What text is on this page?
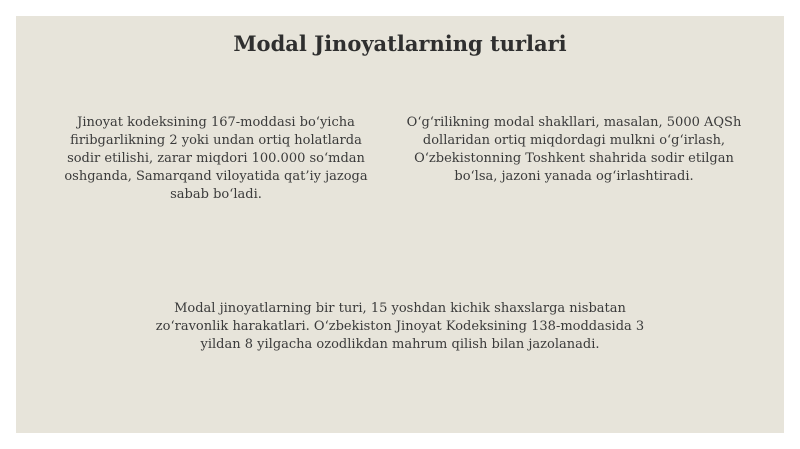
Modal Jinoyatlarning turlari

Jinoyat kodeksining 167-moddasi bo‘yicha firibgarlikning 2 yoki undan ortiq holatlarda sodir etilishi, zarar miqdori 100.000 so‘mdan oshganda, Samarqand viloyatida qat’iy jazoga sabab bo‘ladi.

O‘g‘rilikning modal shakllari, masalan, 5000 AQSh dollaridan ortiq miqdordagi mulkni o‘g‘irlash, O‘zbekistonning Toshkent shahrida sodir etilgan bo‘lsa, jazoni yanada og‘irlashtiradi.

Modal jinoyatlarning bir turi, 15 yoshdan kichik shaxslarga nisbatan zo‘ravonlik harakatlari. O‘zbekiston Jinoyat Kodeksining 138-moddasida 3 yildan 8 yilgacha ozodlikdan mahrum qilish bilan jazolanadi.
